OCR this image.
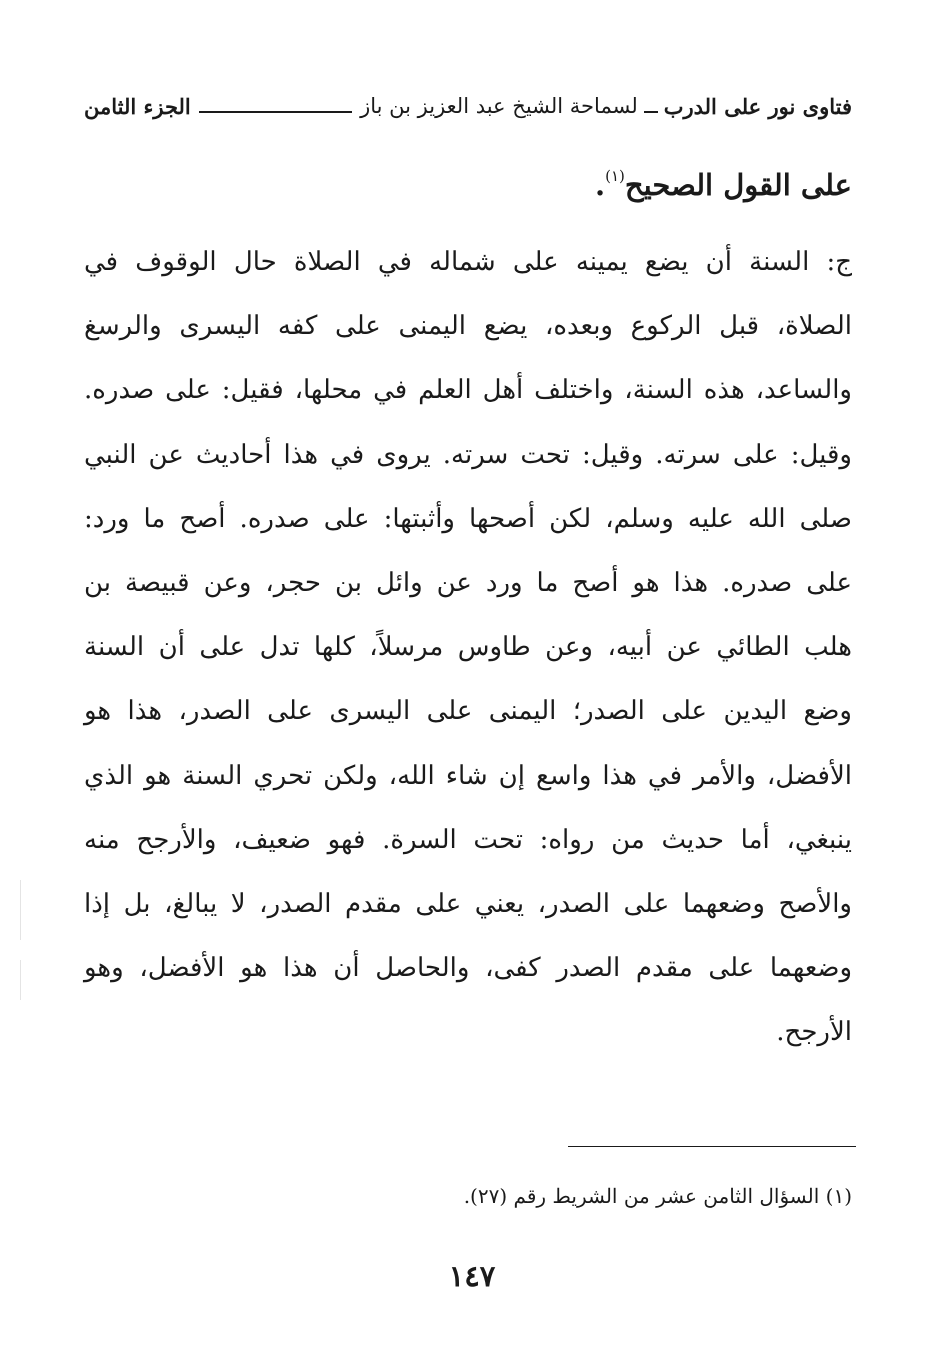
فتاوى نور على الدرب
لسماحة الشيخ عبد العزيز بن باز
الجزء الثامن
على القول الصحيح$^{(١)}$.
ج: السنة أن يضع يمينه على شماله في الصلاة حال الوقوف في
الصلاة، قبل الركوع وبعده، يضع اليمنى على كفه اليسرى والرسغ
والساعد، هذه السنة، واختلف أهل العلم في محلها، فقيل: على صدره.
وقيل: على سرته. وقيل: تحت سرته. يروى في هذا أحاديث عن النبي
صلى الله عليه وسلم، لكن أصحها وأثبتها: على صدره. أصح ما ورد:
على صدره. هذا هو أصح ما ورد عن وائل بن حجر، وعن قبيصة بن
هلب الطائي عن أبيه، وعن طاوس مرسلاً، كلها تدل على أن السنة
وضع اليدين على الصدر؛ اليمنى على اليسرى على الصدر، هذا هو
الأفضل، والأمر في هذا واسع إن شاء الله، ولكن تحري السنة هو الذي
ينبغي، أما حديث من رواه: تحت السرة. فهو ضعيف، والأرجح منه
والأصح وضعهما على الصدر، يعني على مقدم الصدر، لا يبالغ، بل إذا
وضعهما على مقدم الصدر كفى، والحاصل أن هذا هو الأفضل، وهو
الأرجح.
(١) السؤال الثامن عشر من الشريط رقم (٢٧).
١٤٧
